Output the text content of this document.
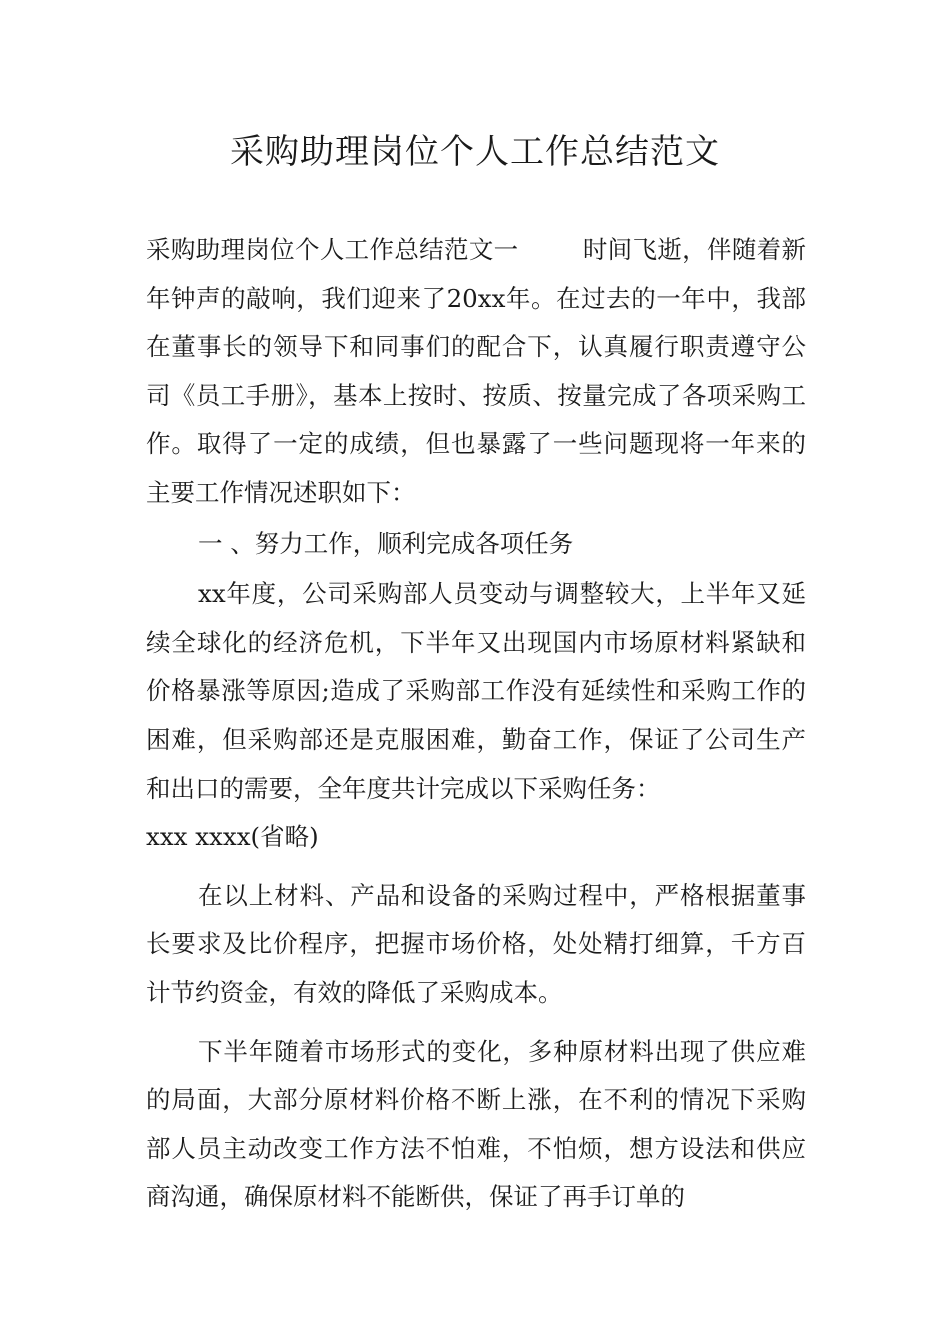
采购助理岗位个人工作总结范文

采购助理岗位个人工作总结范文一	时间飞逝，伴随着新年钟声的敲响，我们迎来了20xx年。在过去的一年中，我部在董事长的领导下和同事们的配合下，认真履行职责遵守公司《员工手册》，基本上按时、按质、按量完成了各项采购工作。取得了一定的成绩，但也暴露了一些问题现将一年来的主要工作情况述职如下：

一 、努力工作，顺利完成各项任务

xx年度，公司采购部人员变动与调整较大，上半年又延续全球化的经济危机，下半年又出现国内市场原材料紧缺和价格暴涨等原因;造成了采购部工作没有延续性和采购工作的困难，但采购部还是克服困难，勤奋工作，保证了公司生产和出口的需要，全年度共计完成以下采购任务：

xxx xxxx(省略)

在以上材料、产品和设备的采购过程中，严格根据董事长要求及比价程序，把握市场价格，处处精打细算，千方百计节约资金，有效的降低了采购成本。

下半年随着市场形式的变化，多种原材料出现了供应难的局面，大部分原材料价格不断上涨，在不利的情况下采购部人员主动改变工作方法不怕难，不怕烦，想方设法和供应商沟通，确保原材料不能断供，保证了再手订单的
